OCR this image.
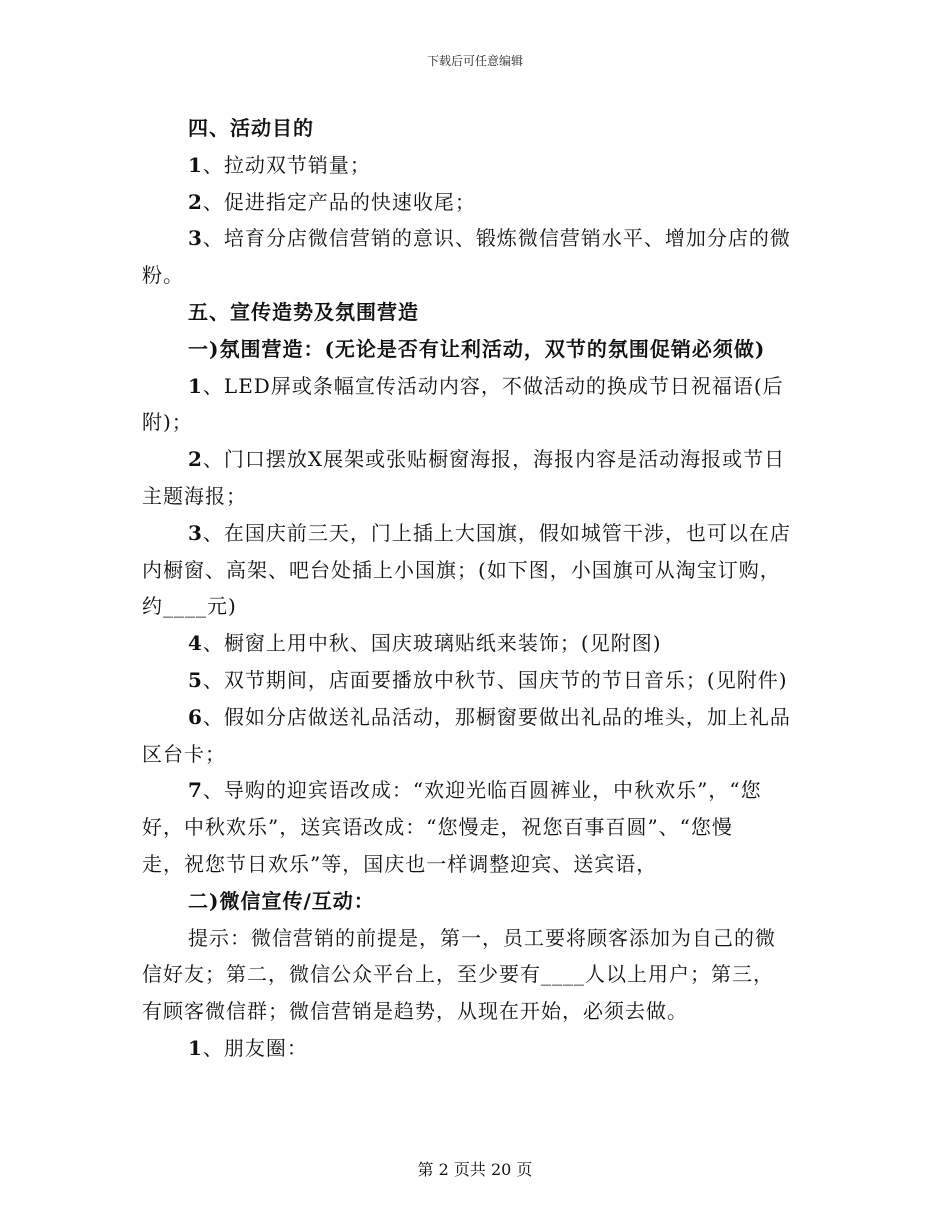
下载后可任意编辑

四、活动目的

1、拉动双节销量；

2、促进指定产品的快速收尾；

3、培育分店微信营销的意识、锻炼微信营销水平、增加分店的微

粉。

五、宣传造势及氛围营造

一)氛围营造：(无论是否有让利活动，双节的氛围促销必须做)

1、LED屏或条幅宣传活动内容，不做活动的换成节日祝福语(后

附)；

2、门口摆放X展架或张贴橱窗海报，海报内容是活动海报或节日

主题海报；

3、在国庆前三天，门上插上大国旗，假如城管干涉，也可以在店

内橱窗、高架、吧台处插上小国旗；(如下图，小国旗可从淘宝订购，

约____元)

4、橱窗上用中秋、国庆玻璃贴纸来装饰；(见附图)

5、双节期间，店面要播放中秋节、国庆节的节日音乐；(见附件)

6、假如分店做送礼品活动，那橱窗要做出礼品的堆头，加上礼品

区台卡；

7、导购的迎宾语改成：“欢迎光临百圆裤业，中秋欢乐”，“您

好，中秋欢乐”，送宾语改成：“您慢走，祝您百事百圆”、“您慢

走，祝您节日欢乐”等，国庆也一样调整迎宾、送宾语，

二)微信宣传/互动：

提示：微信营销的前提是，第一，员工要将顾客添加为自己的微

信好友；第二，微信公众平台上，至少要有____人以上用户；第三，

有顾客微信群；微信营销是趋势，从现在开始，必须去做。

1、朋友圈：

第 2 页共 20 页
